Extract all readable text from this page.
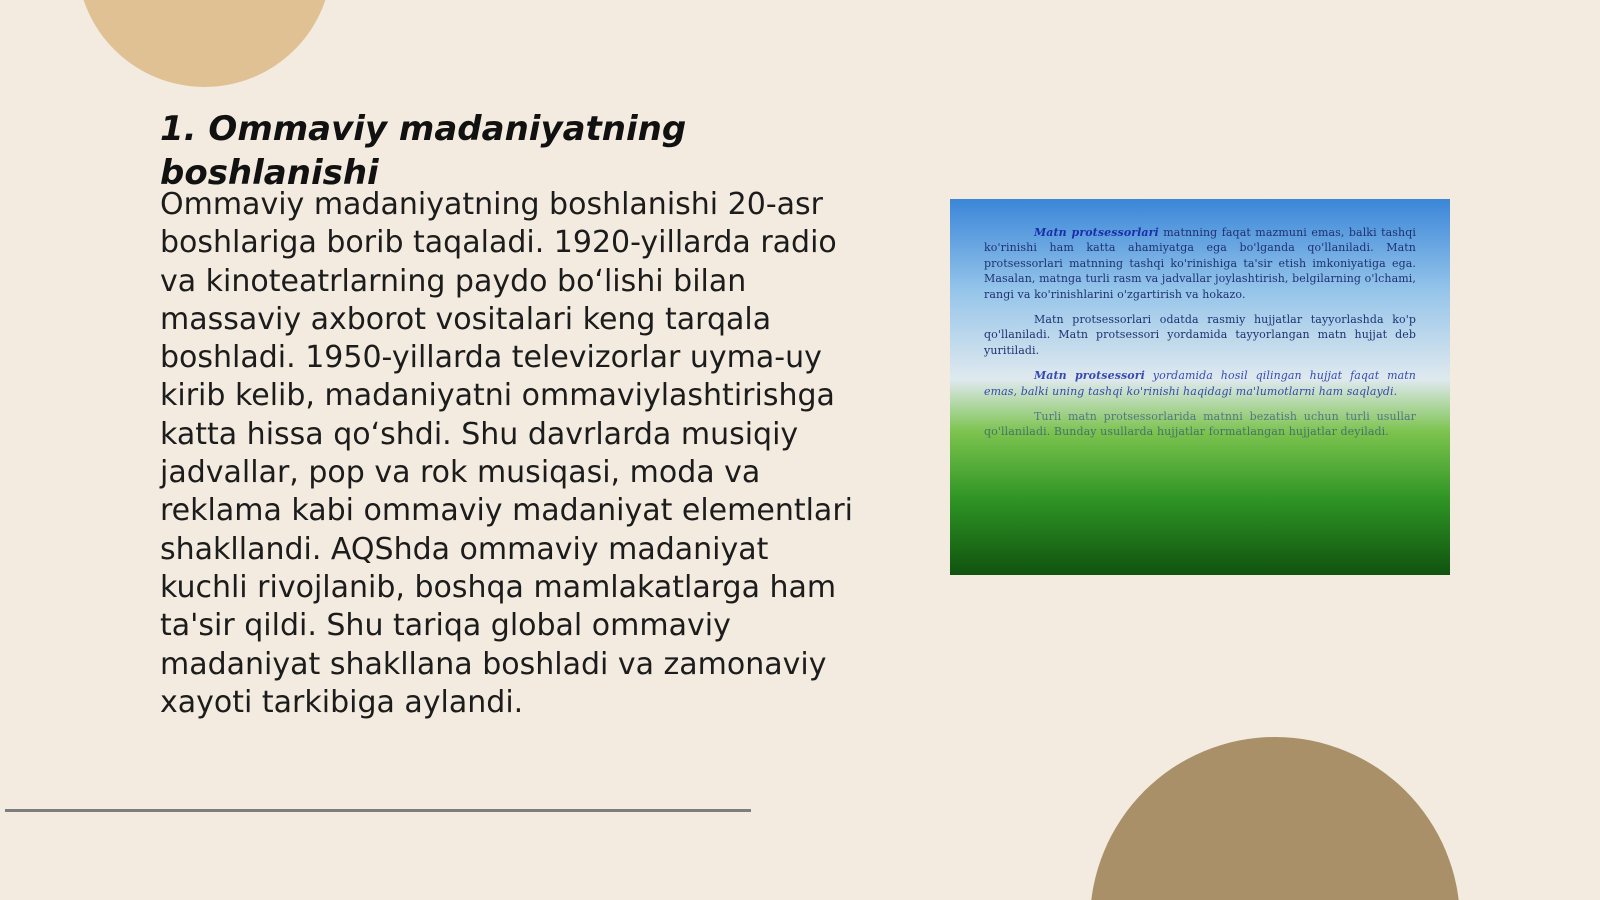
1. Ommaviy madaniyatning boshlanishi

Ommaviy madaniyatning boshlanishi 20-asr boshlariga borib taqaladi. 1920-yillarda radio va kinoteatrlarning paydo bo‘lishi bilan massaviy axborot vositalari keng tarqala boshladi. 1950-yillarda televizorlar uyma-uy kirib kelib, madaniyatni ommaviylashtirishga katta hissa qo‘shdi. Shu davrlarda musiqiy jadvallar, pop va rok musiqasi, moda va reklama kabi ommaviy madaniyat elementlari shakllandi. AQShda ommaviy madaniyat kuchli rivojlanib, boshqa mamlakatlarga ham ta'sir qildi. Shu tariqa global ommaviy madaniyat shakllana boshladi va zamonaviy xayoti tarkibiga aylandi.

Matn protsessorlari matnning faqat mazmuni emas, balki tashqi ko'rinishi ham katta ahamiyatga ega bo'lganda qo'llaniladi. Matn protsessorlari matnning tashqi ko'rinishiga ta'sir etish imkoniyatiga ega. Masalan, matnga turli rasm va jadvallar joylashtirish, belgilarning o'lchami, rangi va ko'rinishlarini o'zgartirish va hokazo.

Matn protsessorlari odatda rasmiy hujjatlar tayyorlashda ko'p qo'llaniladi. Matn protsessori yordamida tayyorlangan matn hujjat deb yuritiladi.

Matn protsessori yordamida hosil qilingan hujjat faqat matn emas, balki uning tashqi ko'rinishi haqidagi ma'lumotlarni ham saqlaydi.

Turli matn protsessorlarida matnni bezatish uchun turli usullar qo'llaniladi. Bunday usullarda hujjatlar formatlangan hujjatlar deyiladi.
